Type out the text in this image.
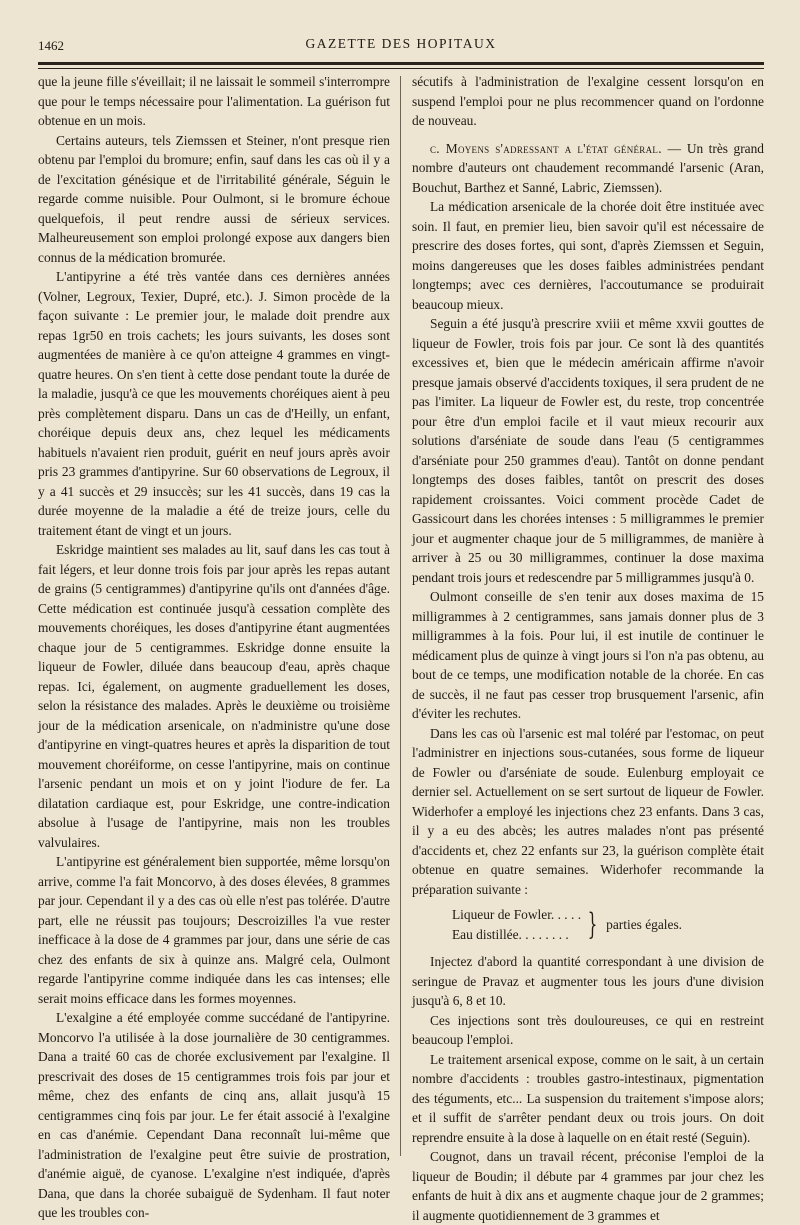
1462	GAZETTE DES HOPITAUX

que la jeune fille s'éveillait; il ne laissait le sommeil s'interrompre que pour le temps nécessaire pour l'alimentation. La guérison fut obtenue en un mois.

Certains auteurs, tels Ziemssen et Steiner, n'ont presque rien obtenu par l'emploi du bromure; enfin, sauf dans les cas où il y a de l'excitation génésique et de l'irritabilité générale, Séguin le regarde comme nuisible. Pour Oulmont, si le bromure échoue quelquefois, il peut rendre aussi de sérieux services. Malheureusement son emploi prolongé expose aux dangers bien connus de la médication bromurée.

L'antipyrine a été très vantée dans ces dernières années (Volner, Legroux, Texier, Dupré, etc.). J. Simon procède de la façon suivante : Le premier jour, le malade doit prendre aux repas 1gr50 en trois cachets; les jours suivants, les doses sont augmentées de manière à ce qu'on atteigne 4 grammes en vingt-quatre heures. On s'en tient à cette dose pendant toute la durée de la maladie, jusqu'à ce que les mouvements choréiques aient à peu près complètement disparu. Dans un cas de d'Heilly, un enfant, choréique depuis deux ans, chez lequel les médicaments habituels n'avaient rien produit, guérit en neuf jours après avoir pris 23 grammes d'antipyrine. Sur 60 observations de Legroux, il y a 41 succès et 29 insuccès; sur les 41 succès, dans 19 cas la durée moyenne de la maladie a été de treize jours, celle du traitement étant de vingt et un jours.

Eskridge maintient ses malades au lit, sauf dans les cas tout à fait légers, et leur donne trois fois par jour après les repas autant de grains (5 centigrammes) d'antipyrine qu'ils ont d'années d'âge. Cette médication est continuée jusqu'à cessation complète des mouvements choréiques, les doses d'antipyrine étant augmentées chaque jour de 5 centigrammes. Eskridge donne ensuite la liqueur de Fowler, diluée dans beaucoup d'eau, après chaque repas. Ici, également, on augmente graduellement les doses, selon la résistance des malades. Après le deuxième ou troisième jour de la médication arsenicale, on n'administre qu'une dose d'antipyrine en vingt-quatres heures et après la disparition de tout mouvement choréiforme, on cesse l'antipyrine, mais on continue l'arsenic pendant un mois et on y joint l'iodure de fer. La dilatation cardiaque est, pour Eskridge, une contre-indication absolue à l'usage de l'antipyrine, mais non les troubles valvulaires.

L'antipyrine est généralement bien supportée, même lorsqu'on arrive, comme l'a fait Moncorvo, à des doses élevées, 8 grammes par jour. Cependant il y a des cas où elle n'est pas tolérée. D'autre part, elle ne réussit pas toujours; Descroizilles l'a vue rester inefficace à la dose de 4 grammes par jour, dans une série de cas chez des enfants de six à quinze ans. Malgré cela, Oulmont regarde l'antipyrine comme indiquée dans les cas intenses; elle serait moins efficace dans les formes moyennes.

L'exalgine a été employée comme succédané de l'antipyrine. Moncorvo l'a utilisée à la dose journalière de 30 centigrammes. Dana a traité 60 cas de chorée exclusivement par l'exalgine. Il prescrivait des doses de 15 centigrammes trois fois par jour et même, chez des enfants de cinq ans, allait jusqu'à 15 centigrammes cinq fois par jour. Le fer était associé à l'exalgine en cas d'anémie. Cependant Dana reconnaît lui-même que l'administration de l'exalgine peut être suivie de prostration, d'anémie aiguë, de cyanose. L'exalgine n'est indiquée, d'après Dana, que dans la chorée subaiguë de Sydenham. Il faut noter que les troubles con-

sécutifs à l'administration de l'exalgine cessent lorsqu'on en suspend l'emploi pour ne plus recommencer quand on l'ordonne de nouveau.

c. Moyens s'adressant a l'état général. — Un très grand nombre d'auteurs ont chaudement recommandé l'arsenic (Aran, Bouchut, Barthez et Sanné, Labric, Ziemssen).

La médication arsenicale de la chorée doit être instituée avec soin. Il faut, en premier lieu, bien savoir qu'il est nécessaire de prescrire des doses fortes, qui sont, d'après Ziemssen et Seguin, moins dangereuses que les doses faibles administrées pendant longtemps; avec ces dernières, l'accoutumance se produirait beaucoup mieux.

Seguin a été jusqu'à prescrire xviii et même xxvii gouttes de liqueur de Fowler, trois fois par jour. Ce sont là des quantités excessives et, bien que le médecin américain affirme n'avoir presque jamais observé d'accidents toxiques, il sera prudent de ne pas l'imiter. La liqueur de Fowler est, du reste, trop concentrée pour être d'un emploi facile et il vaut mieux recourir aux solutions d'arséniate de soude dans l'eau (5 centigrammes d'arséniate pour 250 grammes d'eau). Tantôt on donne pendant longtemps des doses faibles, tantôt on prescrit des doses rapidement croissantes. Voici comment procède Cadet de Gassicourt dans les chorées intenses : 5 milligrammes le premier jour et augmenter chaque jour de 5 milligrammes, de manière à arriver à 25 ou 30 milligrammes, continuer la dose maxima pendant trois jours et redescendre par 5 milligrammes jusqu'à 0.

Oulmont conseille de s'en tenir aux doses maxima de 15 milligrammes à 2 centigrammes, sans jamais donner plus de 3 milligrammes à la fois. Pour lui, il est inutile de continuer le médicament plus de quinze à vingt jours si l'on n'a pas obtenu, au bout de ce temps, une modification notable de la chorée. En cas de succès, il ne faut pas cesser trop brusquement l'arsenic, afin d'éviter les rechutes.

Dans les cas où l'arsenic est mal toléré par l'estomac, on peut l'administrer en injections sous-cutanées, sous forme de liqueur de Fowler ou d'arséniate de soude. Eulenburg employait ce dernier sel. Actuellement on se sert surtout de liqueur de Fowler. Widerhofer a employé les injections chez 23 enfants. Dans 3 cas, il y a eu des abcès; les autres malades n'ont pas présenté d'accidents et, chez 22 enfants sur 23, la guérison complète était obtenue en quatre semaines. Widerhofer recommande la préparation suivante :

Liqueur de Fowler. . . . .
Eau distillée. . . . . . . . } parties égales.

Injectez d'abord la quantité correspondant à une division de seringue de Pravaz et augmenter tous les jours d'une division jusqu'à 6, 8 et 10.

Ces injections sont très douloureuses, ce qui en restreint beaucoup l'emploi.

Le traitement arsenical expose, comme on le sait, à un certain nombre d'accidents : troubles gastro-intestinaux, pigmentation des téguments, etc... La suspension du traitement s'impose alors; et il suffit de s'arrêter pendant deux ou trois jours. On doit reprendre ensuite à la dose à laquelle on en était resté (Seguin).

Cougnot, dans un travail récent, préconise l'emploi de la liqueur de Boudin; il débute par 4 grammes par jour chez les enfants de huit à dix ans et augmente chaque jour de 2 grammes; il augmente quotidiennement de 3 grammes et
